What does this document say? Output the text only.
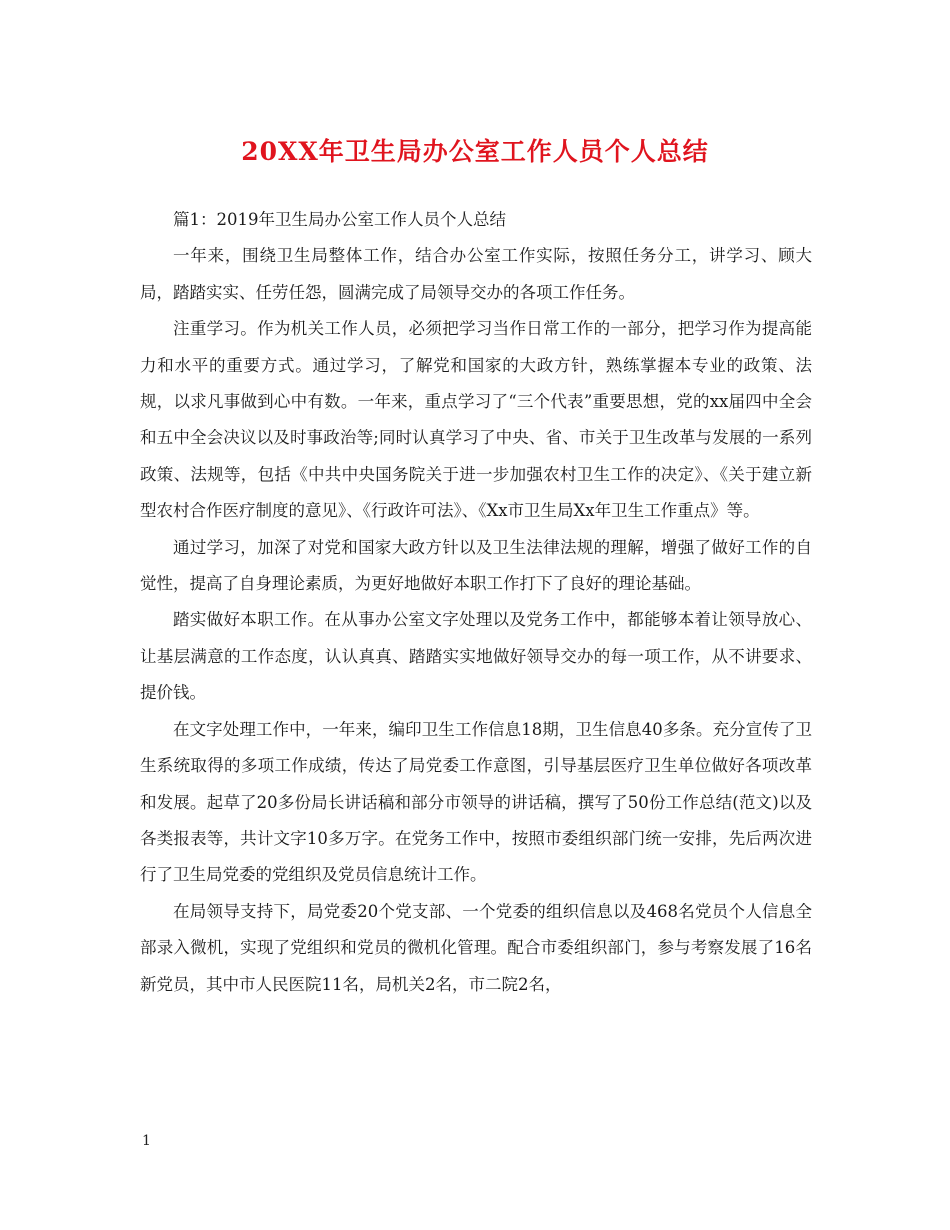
20XX年卫生局办公室工作人员个人总结

篇1：2019年卫生局办公室工作人员个人总结

一年来，围绕卫生局整体工作，结合办公室工作实际，按照任务分工，讲学习、顾大局，踏踏实实、任劳任怨，圆满完成了局领导交办的各项工作任务。

注重学习。作为机关工作人员，必须把学习当作日常工作的一部分，把学习作为提高能力和水平的重要方式。通过学习，了解党和国家的大政方针，熟练掌握本专业的政策、法规，以求凡事做到心中有数。一年来，重点学习了“三个代表”重要思想，党的xx届四中全会和五中全会决议以及时事政治等;同时认真学习了中央、省、市关于卫生改革与发展的一系列政策、法规等，包括《中共中央国务院关于进一步加强农村卫生工作的决定》、《关于建立新型农村合作医疗制度的意见》、《行政许可法》、《Xx市卫生局Xx年卫生工作重点》等。

通过学习，加深了对党和国家大政方针以及卫生法律法规的理解，增强了做好工作的自觉性，提高了自身理论素质，为更好地做好本职工作打下了良好的理论基础。

踏实做好本职工作。在从事办公室文字处理以及党务工作中，都能够本着让领导放心、让基层满意的工作态度，认认真真、踏踏实实地做好领导交办的每一项工作，从不讲要求、提价钱。

在文字处理工作中，一年来，编印卫生工作信息18期，卫生信息40多条。充分宣传了卫生系统取得的多项工作成绩，传达了局党委工作意图，引导基层医疗卫生单位做好各项改革和发展。起草了20多份局长讲话稿和部分市领导的讲话稿，撰写了50份工作总结(范文)以及各类报表等，共计文字10多万字。在党务工作中，按照市委组织部门统一安排，先后两次进行了卫生局党委的党组织及党员信息统计工作。

在局领导支持下，局党委20个党支部、一个党委的组织信息以及468名党员个人信息全部录入微机，实现了党组织和党员的微机化管理。配合市委组织部门，参与考察发展了16名新党员，其中市人民医院11名，局机关2名，市二院2名，

1
